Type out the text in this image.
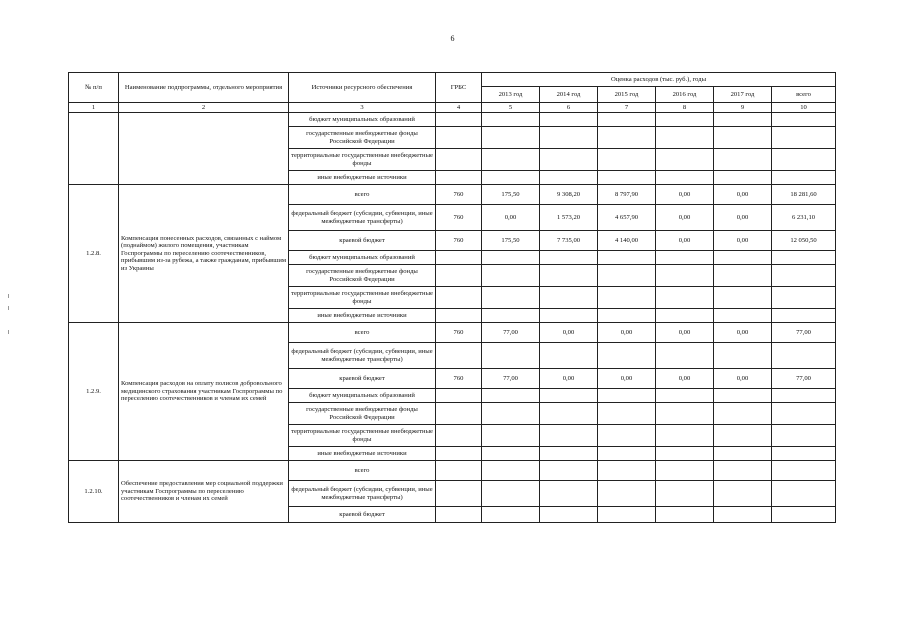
6
№ п/п	Наименование подпрограммы, отдельного мероприятия	Источники ресурсного обеспечения	ГРБС	Оценка расходов (тыс. руб.), годы					
				2013 год	2014 год	2015 год	2016 год	2017 год	всего
1	2	3	4	5	6	7	8	9	10
		бюджет муниципальных образований							
		государственные внебюджетные фонды Российской Федерации							
		территориальные государственные внебюджетные фонды							
		иные внебюджетные источники							
1.2.8.	Компенсация понесенных расходов, связанных с наймом (поднаймом) жилого помещения, участникам Госпрограммы по переселению соотечественников, прибывшим из-за рубежа, а также гражданам, прибывшим из Украины	всего	760	175,50	9 308,20	8 797,90	0,00	0,00	18 281,60
		федеральный бюджет (субсидии, субвенции, иные межбюджетные трансферты)	760	0,00	1 573,20	4 657,90	0,00	0,00	6 231,10
		краевой бюджет	760	175,50	7 735,00	4 140,00	0,00	0,00	12 050,50
		бюджет муниципальных образований							
		государственные внебюджетные фонды Российской Федерации							
		территориальные государственные внебюджетные фонды							
		иные внебюджетные источники							
1.2.9.	Компенсация расходов на оплату полисов добровольного медицинского страхования участникам Госпрограммы по переселению соотечественников и членам их семей	всего	760	77,00	0,00	0,00	0,00	0,00	77,00
		федеральный бюджет (субсидии, субвенции, иные межбюджетные трансферты)							
		краевой бюджет	760	77,00	0,00	0,00	0,00	0,00	77,00
		бюджет муниципальных образований							
		государственные внебюджетные фонды Российской Федерации							
		территориальные государственные внебюджетные фонды							
		иные внебюджетные источники							
1.2.10.	Обеспечение предоставления мер социальной поддержки участникам Госпрограммы по переселению соотечественников и членам их семей	всего							
		федеральный бюджет (субсидии, субвенции, иные межбюджетные трансферты)							
		краевой бюджет							
